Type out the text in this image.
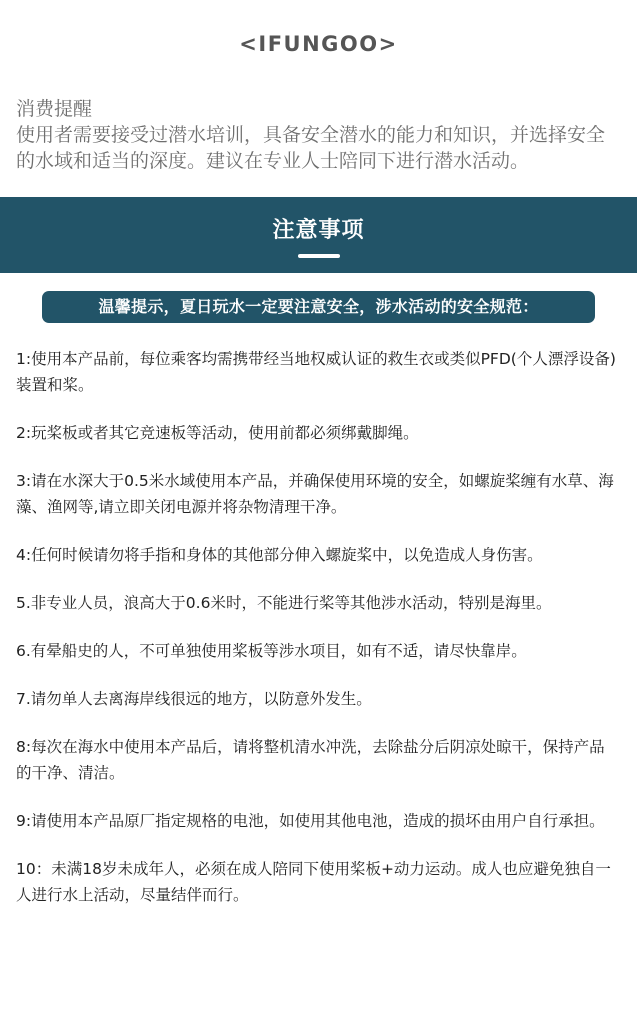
<IFUNGOO>
消费提醒
使用者需要接受过潜水培训，具备安全潜水的能力和知识，并选择安全的水域和适当的深度。建议在专业人士陪同下进行潜水活动。
注意事项
温馨提示，夏日玩水一定要注意安全，涉水活动的安全规范：

1:使用本产品前，每位乘客均需携带经当地权威认证的救生衣或类似PFD(个人漂浮设备)装置和桨。

2:玩桨板或者其它竞速板等活动，使用前都必须绑戴脚绳。

3:请在水深大于0.5米水域使用本产品，并确保使用环境的安全，如螺旋桨缠有水草、海藻、渔网等,请立即关闭电源并将杂物清理干净。

4:任何时候请勿将手指和身体的其他部分伸入螺旋桨中，以免造成人身伤害。

5.非专业人员，浪高大于0.6米时，不能进行桨等其他涉水活动，特别是海里。

6.有晕船史的人，不可单独使用桨板等涉水项目，如有不适，请尽快靠岸。

7.请勿单人去离海岸线很远的地方，以防意外发生。

8:每次在海水中使用本产品后，请将整机清水冲洗，去除盐分后阴凉处晾干，保持产品的干净、清洁。

9:请使用本产品原厂指定规格的电池，如使用其他电池，造成的损坏由用户自行承担。

10：未满18岁未成年人，必须在成人陪同下使用桨板+动力运动。成人也应避免独自一人进行水上活动，尽量结伴而行。
